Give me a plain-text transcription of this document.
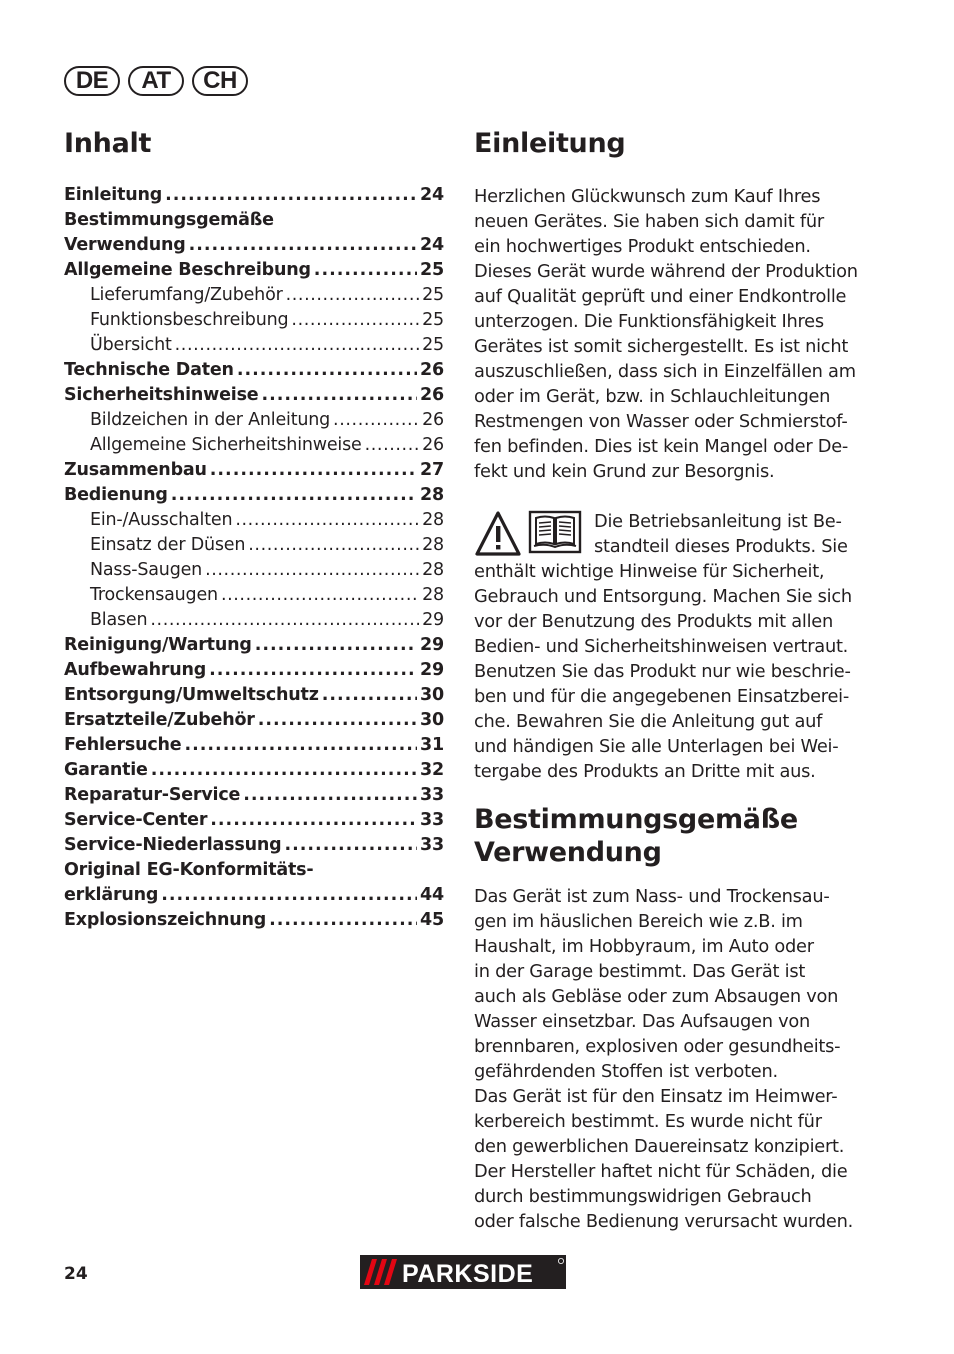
DE	AT	CH
Inhalt
Einleitung .....	24
Bestimmungsgemäße
Verwendung .....	24
Allgemeine Beschreibung .....	25
Lieferumfang/Zubehör .....	25
Funktionsbeschreibung .....	25
Übersicht .....	25
Technische Daten .....	26
Sicherheitshinweise .....	26
Bildzeichen in der Anleitung .....	26
Allgemeine Sicherheitshinweise .....	26
Zusammenbau .....	27
Bedienung .....	28
Ein-/Ausschalten .....	28
Einsatz der Düsen .....	28
Nass-Saugen .....	28
Trockensaugen .....	28
Blasen .....	29
Reinigung/Wartung .....	29
Aufbewahrung .....	29
Entsorgung/Umweltschutz .....	30
Ersatzteile/Zubehör .....	30
Fehlersuche .....	31
Garantie .....	32
Reparatur-Service .....	33
Service-Center .....	33
Service-Niederlassung .....	33
Original EG-Konformitäts-
erklärung .....	44
Explosionszeichnung .....	45
Einleitung

Herzlichen Glückwunsch zum Kauf Ihres
neuen Gerätes. Sie haben sich damit für
ein hochwertiges Produkt entschieden.
Dieses Gerät wurde während der Produktion
auf Qualität geprüft und einer Endkontrolle
unterzogen. Die Funktionsfähigkeit Ihres
Gerätes ist somit sichergestellt. Es ist nicht
auszuschließen, dass sich in Einzelfällen am
oder im Gerät, bzw. in Schlauchleitungen
Restmengen von Wasser oder Schmierstof-
fen befinden. Dies ist kein Mangel oder De-
fekt und kein Grund zur Besorgnis.

Die Betriebsanleitung ist Be-
standteil dieses Produkts. Sie

enthält wichtige Hinweise für Sicherheit,
Gebrauch und Entsorgung. Machen Sie sich
vor der Benutzung des Produkts mit allen
Bedien- und Sicherheitshinweisen vertraut.
Benutzen Sie das Produkt nur wie beschrie-
ben und für die angegebenen Einsatzberei-
che. Bewahren Sie die Anleitung gut auf
und händigen Sie alle Unterlagen bei Wei-
tergabe des Produkts an Dritte mit aus.

Bestimmungsgemäße
Verwendung

Das Gerät ist zum Nass- und Trockensau-
gen im häuslichen Bereich wie z.B. im
Haushalt, im Hobbyraum, im Auto oder
in der Garage bestimmt. Das Gerät ist
auch als Gebläse oder zum Absaugen von
Wasser einsetzbar. Das Aufsaugen von
brennbaren, explosiven oder gesundheits-
gefährdenden Stoffen ist verboten.
Das Gerät ist für den Einsatz im Heimwer-
kerbereich bestimmt. Es wurde nicht für
den gewerblichen Dauereinsatz konzipiert.
Der Hersteller haftet nicht für Schäden, die
durch bestimmungswidrigen Gebrauch
oder falsche Bedienung verursacht wurden.

24	PARKSIDE
